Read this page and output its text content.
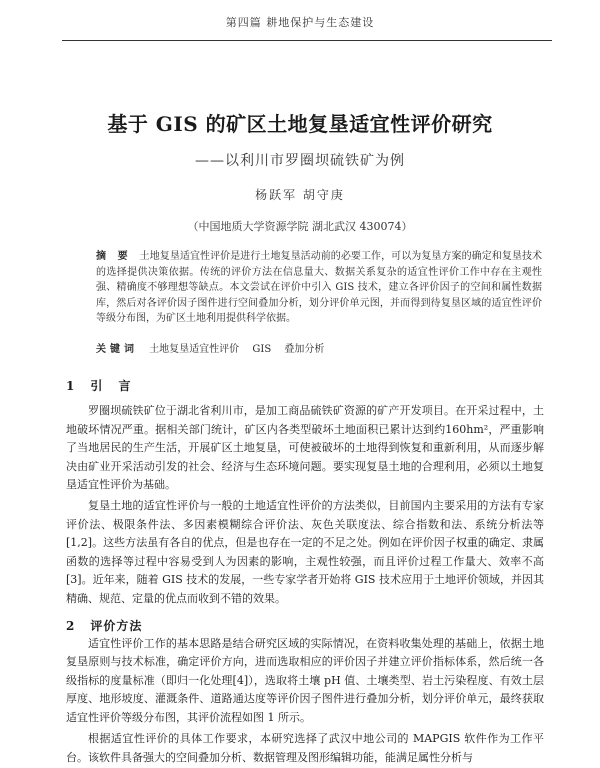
第四篇 耕地保护与生态建设
基于 GIS 的矿区土地复垦适宜性评价研究
——以利川市罗圈坝硫铁矿为例
杨跃军 胡守庚
（中国地质大学资源学院 湖北武汉 430074）
摘 要 土地复垦适宜性评价是进行土地复垦活动前的必要工作，可以为复垦方案的确定和复垦技术的选择提供决策依据。传统的评价方法在信息量大、数据关系复杂的适宜性评价工作中存在主观性强、精确度不够理想等缺点。本文尝试在评价中引入 GIS 技术，建立各评价因子的空间和属性数据库，然后对各评价因子图件进行空间叠加分析，划分评价单元图，并而得到待复垦区域的适宜性评价等级分布图，为矿区土地利用提供科学依据。
关键词 土地复垦适宜性评价 GIS 叠加分析
1 引 言
罗圈坝硫铁矿位于湖北省利川市，是加工商品硫铁矿资源的矿产开发项目。在开采过程中，土地破坏情况严重。据相关部门统计，矿区内各类型破坏土地面积已累计达到约160hm²，严重影响了当地居民的生产生活，开展矿区土地复垦，可使被破坏的土地得到恢复和重新利用，从而逐步解决由矿业开采活动引发的社会、经济与生态环境问题。要实现复垦土地的合理利用，必须以土地复垦适宜性评价为基础。
复垦土地的适宜性评价与一般的土地适宜性评价的方法类似，目前国内主要采用的方法有专家评价法、极限条件法、多因素模糊综合评价法、灰色关联度法、综合指数和法、系统分析法等[1,2]。这些方法虽有各自的优点，但是也存在一定的不足之处。例如在评价因子权重的确定、隶属函数的选择等过程中容易受到人为因素的影响，主观性较强，而且评价过程工作量大、效率不高[3]。近年来，随着 GIS 技术的发展，一些专家学者开始将 GIS 技术应用于土地评价领域，并因其精确、规范、定量的优点而收到不错的效果。
2 评价方法
适宜性评价工作的基本思路是结合研究区域的实际情况，在资料收集处理的基础上，依据土地复垦原则与技术标准，确定评价方向，进而选取相应的评价因子并建立评价指标体系，然后统一各级指标的度量标准（即归一化处理[4]），选取将土壤 pH 值、土壤类型、岩土污染程度、有效土层厚度、地形坡度、灌溉条件、道路通达度等评价因子图件进行叠加分析，划分评价单元，最终获取适宜性评价等级分布图，其评价流程如图 1 所示。
根据适宜性评价的具体工作要求，本研究选择了武汉中地公司的 MAPGIS 软件作为工作平台。该软件具备强大的空间叠加分析、数据管理及图形编辑功能，能满足属性分析与
